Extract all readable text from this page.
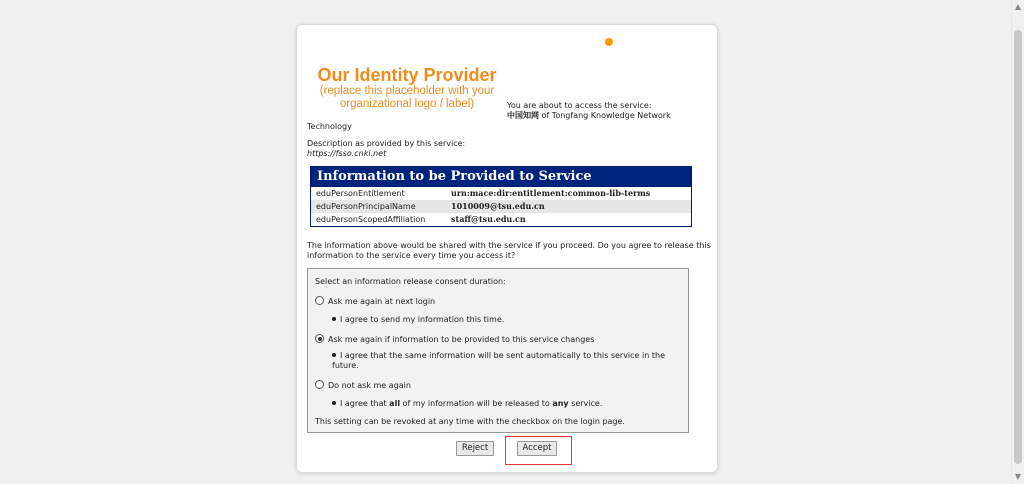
▲
▼
Our Identity Provider
(replace this placeholder with your
organizational logo / label)	You are about to access the service:
中国知网 of Tongfang Knowledge Network
Technology
Description as provided by this service:
https://fsso.cnki.net
Information to be Provided to Service
eduPersonEntitlement	urn:mace:dir:entitlement:common-lib-terms
eduPersonPrincipalName	1010009@tsu.edu.cn
eduPersonScopedAffiliation	staff@tsu.edu.cn
The information above would be shared with the service if you proceed. Do you agree to release this information to the service every time you access it?
Select an information release consent duration:
Ask me again at next login
I agree to send my information this time.
Ask me again if information to be provided to this service changes
I agree that the same information will be sent automatically to this service in the future.
Do not ask me again
I agree that all of my information will be released to any service.
This setting can be revoked at any time with the checkbox on the login page.
Reject	Accept
